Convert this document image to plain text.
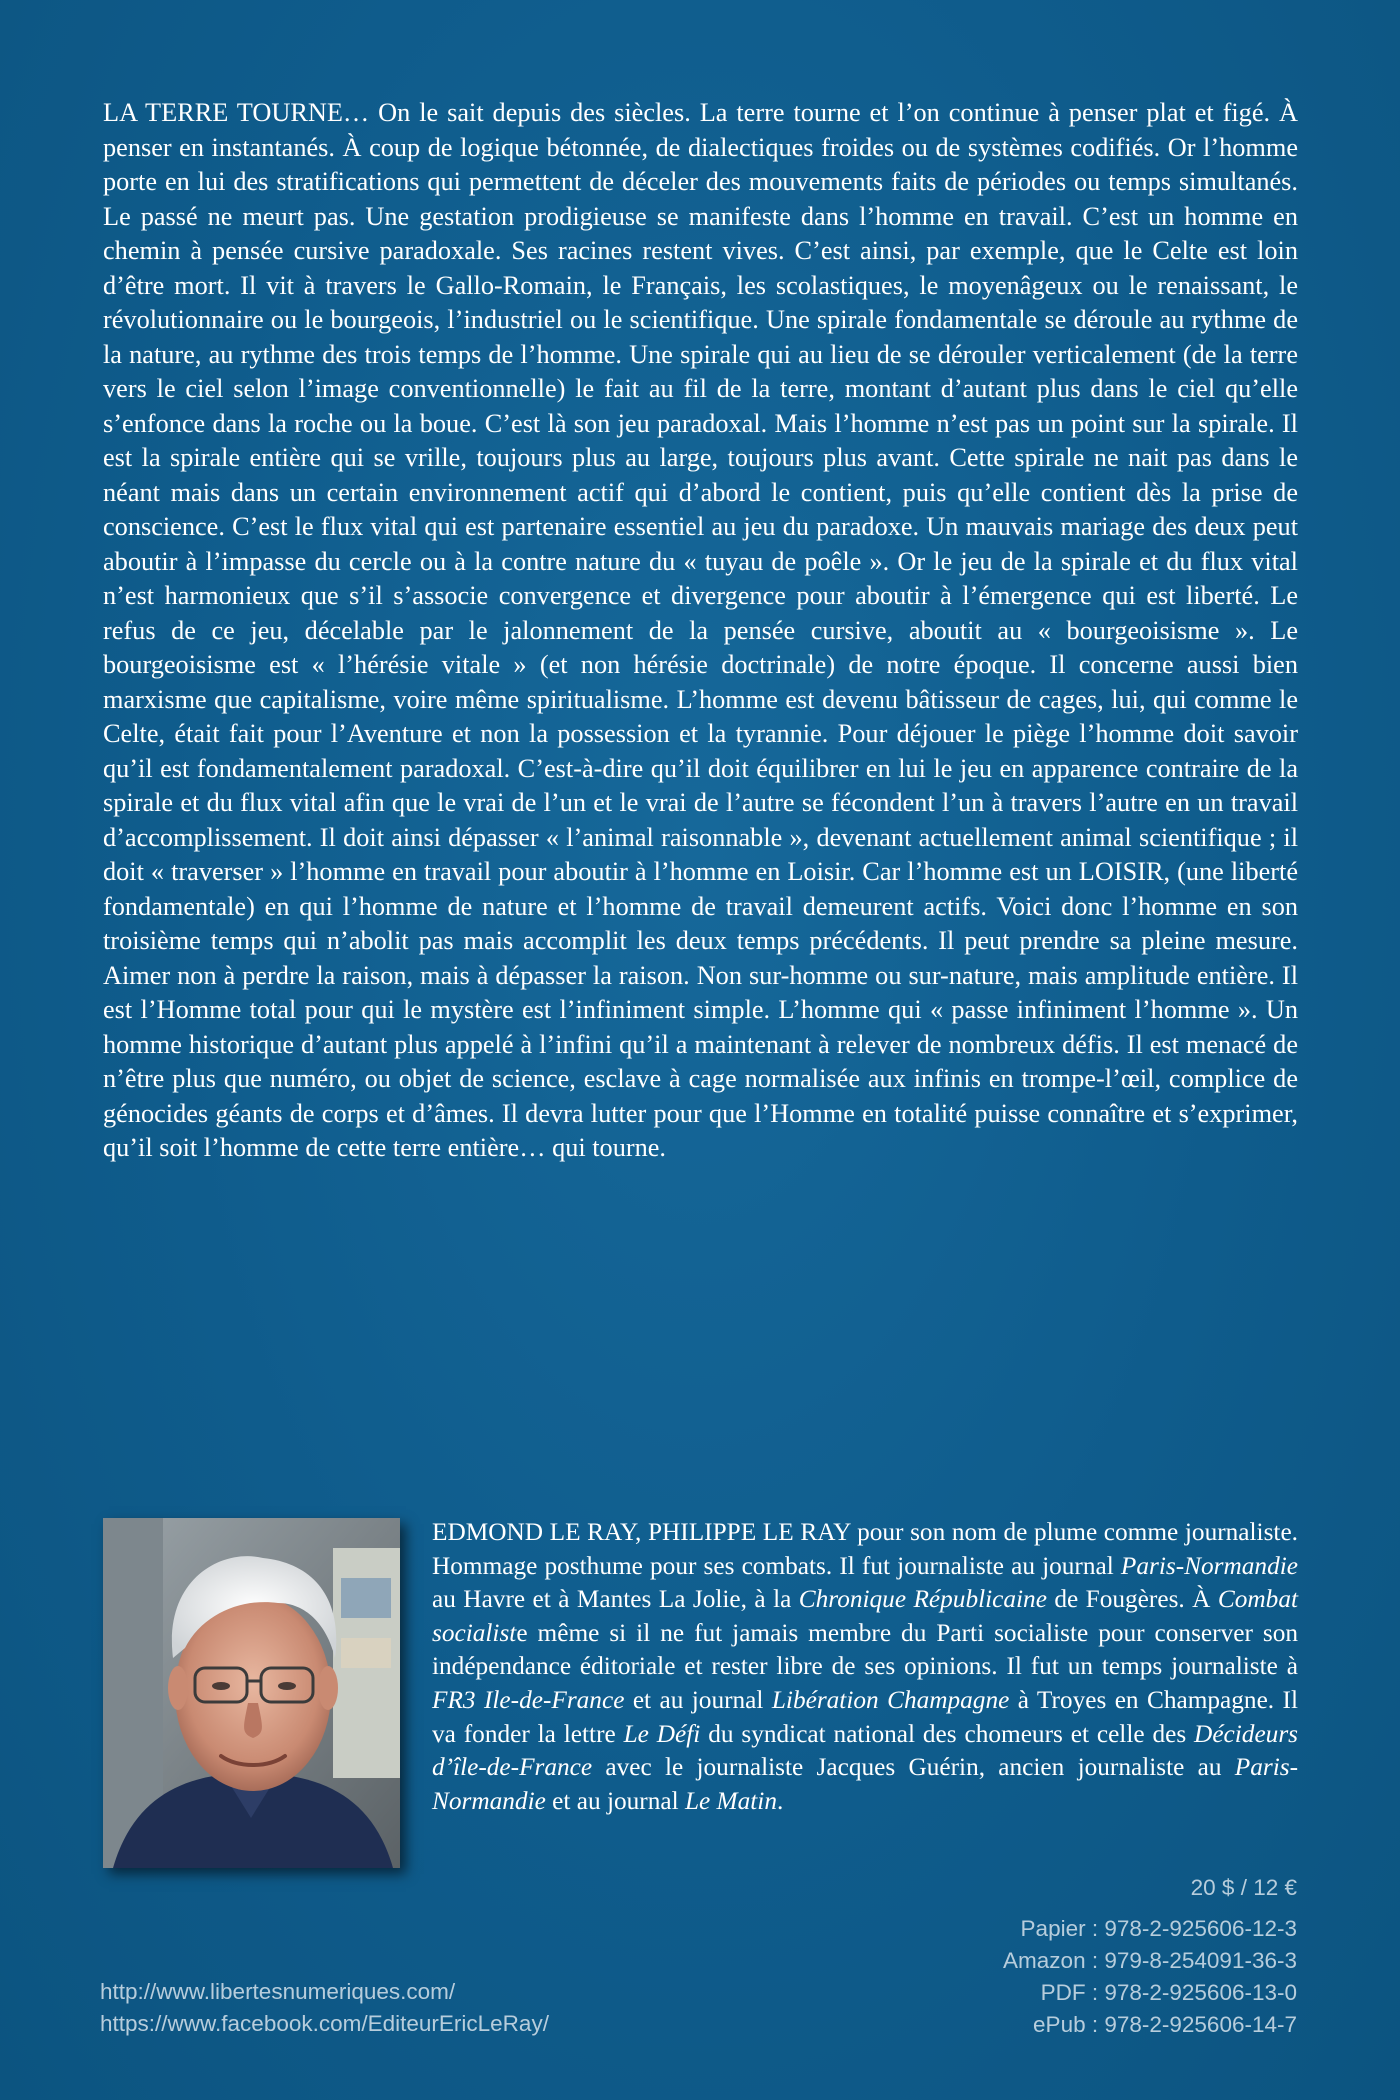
LA TERRE TOURNE… On le sait depuis des siècles. La terre tourne et l’on continue à penser plat et figé. À penser en instantanés. À coup de logique bétonnée, de dialectiques froides ou de systèmes codifiés. Or l’homme porte en lui des stratifications qui permettent de déceler des mouvements faits de périodes ou temps simultanés. Le passé ne meurt pas. Une gestation prodigieuse se manifeste dans l’homme en travail. C’est un homme en chemin à pensée cursive paradoxale. Ses racines restent vives. C’est ainsi, par exemple, que le Celte est loin d’être mort. Il vit à travers le Gallo-Romain, le Français, les scolastiques, le moyenâgeux ou le renaissant, le révolutionnaire ou le bourgeois, l’industriel ou le scientifique. Une spirale fondamentale se déroule au rythme de la nature, au rythme des trois temps de l’homme. Une spirale qui au lieu de se dérouler verticalement (de la terre vers le ciel selon l’image conventionnelle) le fait au fil de la terre, montant d’autant plus dans le ciel qu’elle s’enfonce dans la roche ou la boue. C’est là son jeu paradoxal. Mais l’homme n’est pas un point sur la spirale. Il est la spirale entière qui se vrille, toujours plus au large, toujours plus avant. Cette spirale ne nait pas dans le néant mais dans un certain environnement actif qui d’abord le contient, puis qu’elle contient dès la prise de conscience. C’est le flux vital qui est partenaire essentiel au jeu du paradoxe. Un mauvais mariage des deux peut aboutir à l’impasse du cercle ou à la contre nature du « tuyau de poêle ». Or le jeu de la spirale et du flux vital n’est harmonieux que s’il s’associe convergence et divergence pour aboutir à l’émergence qui est liberté. Le refus de ce jeu, décelable par le jalonnement de la pensée cursive, aboutit au « bourgeoisisme ». Le bourgeoisisme est « l’hérésie vitale » (et non hérésie doctrinale) de notre époque. Il concerne aussi bien marxisme que capitalisme, voire même spiritualisme. L’homme est devenu bâtisseur de cages, lui, qui comme le Celte, était fait pour l’Aventure et non la possession et la tyrannie. Pour déjouer le piège l’homme doit savoir qu’il est fondamentalement paradoxal. C’est-à-dire qu’il doit équilibrer en lui le jeu en apparence contraire de la spirale et du flux vital afin que le vrai de l’un et le vrai de l’autre se fécondent l’un à travers l’autre en un travail d’accomplissement. Il doit ainsi dépasser « l’animal raisonnable », devenant actuellement animal scientifique ; il doit « traverser » l’homme en travail pour aboutir à l’homme en Loisir. Car l’homme est un LOISIR, (une liberté fondamentale) en qui l’homme de nature et l’homme de travail demeurent actifs. Voici donc l’homme en son troisième temps qui n’abolit pas mais accomplit les deux temps précédents. Il peut prendre sa pleine mesure. Aimer non à perdre la raison, mais à dépasser la raison. Non sur-homme ou sur-nature, mais amplitude entière. Il est l’Homme total pour qui le mystère est l’infiniment simple. L’homme qui « passe infiniment l’homme ». Un homme historique d’autant plus appelé à l’infini qu’il a maintenant à relever de nombreux défis. Il est menacé de n’être plus que numéro, ou objet de science, esclave à cage normalisée aux infinis en trompe-l’œil, complice de génocides géants de corps et d’âmes. Il devra lutter pour que l’Homme en totalité puisse connaître et s’exprimer, qu’il soit l’homme de cette terre entière… qui tourne.

EDMOND LE RAY, PHILIPPE LE RAY pour son nom de plume comme journaliste. Hommage posthume pour ses combats. Il fut journaliste au journal Paris-Normandie au Havre et à Mantes La Jolie, à la Chronique Républicaine de Fougères. À Combat socialiste même si il ne fut jamais membre du Parti socialiste pour conserver son indépendance éditoriale et rester libre de ses opinions. Il fut un temps journaliste à FR3 Ile-de-France et au journal Libération Champagne à Troyes en Champagne. Il va fonder la lettre Le Défi du syndicat national des chomeurs et celle des Décideurs d’île-de-France avec le journaliste Jacques Guérin, ancien journaliste au Paris-Normandie et au journal Le Matin.

20 $ / 12 €
Papier : 978-2-925606-12-3
Amazon : 979-8-254091-36-3
PDF : 978-2-925606-13-0
ePub : 978-2-925606-14-7
http://www.libertesnumeriques.com/
https://www.facebook.com/EditeurEricLeRay/
